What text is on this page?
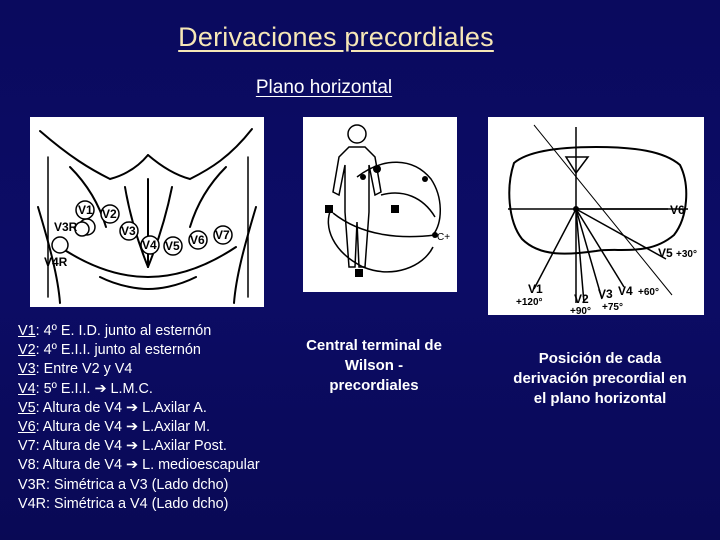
Derivaciones precordiales
Plano horizontal
V1 V2
V3
V4 V5 V6 V7
V3R
V4R
C+
V6
V5
V4
V3
V2
V1
+30°
+60°
+75°
+90°
+120°
V1: 4º E. I.D. junto al esternón
V2: 4º E.I.I. junto al esternón
V3: Entre V2 y V4
V4: 5º E.I.I. ➔ L.M.C.
V5: Altura de V4 ➔ L.Axilar A.
V6: Altura de V4 ➔ L.Axilar M.
V7: Altura de V4 ➔ L.Axilar Post.
V8: Altura de V4 ➔ L. medioescapular
V3R: Simétrica a V3 (Lado dcho)
V4R: Simétrica a V4 (Lado dcho)
Central terminal de Wilson - precordiales
Posición de cada derivación precordial en el plano horizontal
